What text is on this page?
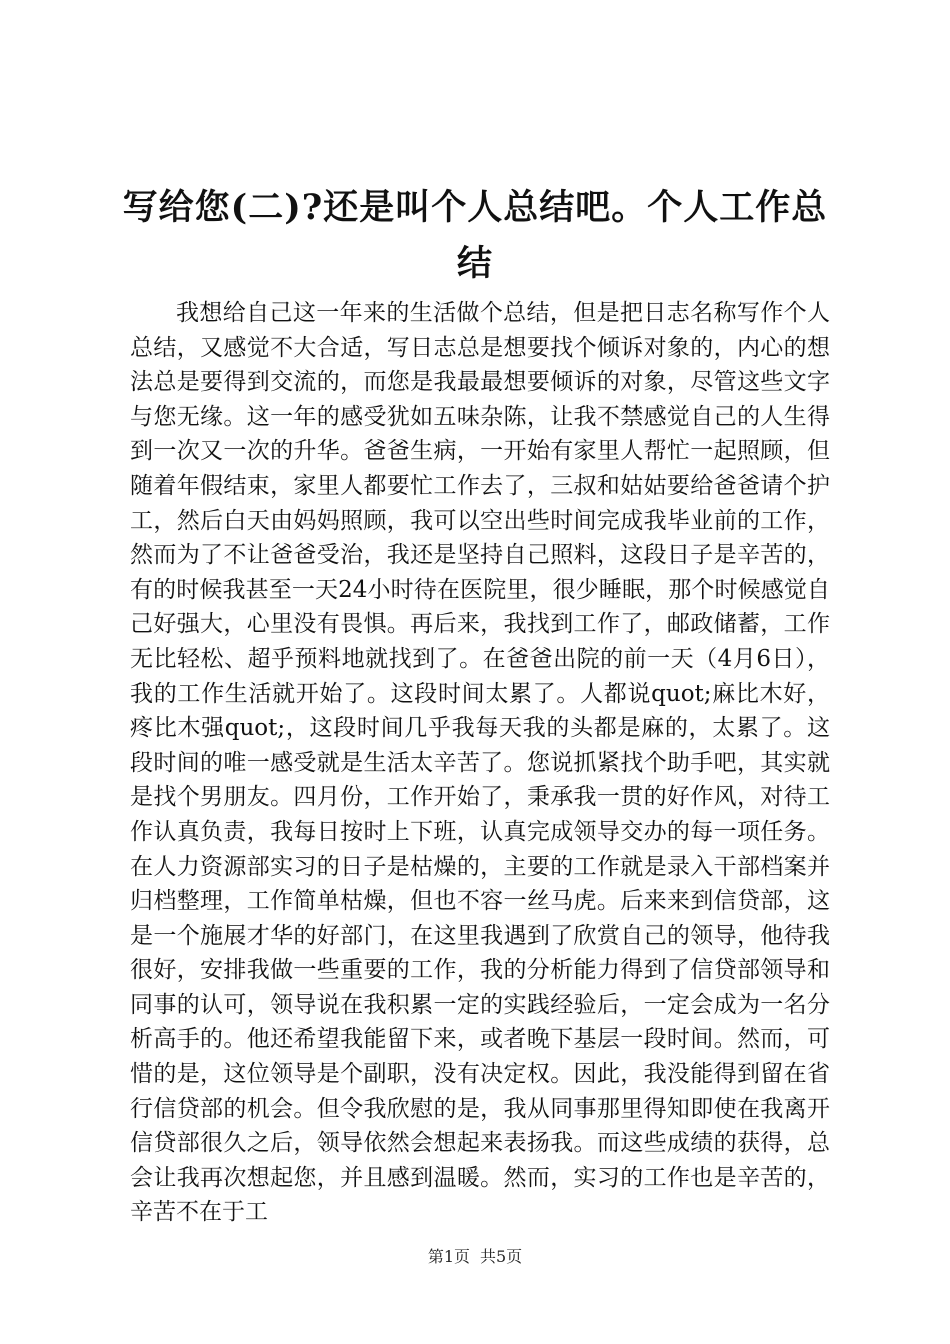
写给您(二)?还是叫个人总结吧。个人工作总结

我想给自己这一年来的生活做个总结，但是把日志名称写作个人总结，又感觉不大合适，写日志总是想要找个倾诉对象的，内心的想法总是要得到交流的，而您是我最最想要倾诉的对象，尽管这些文字与您无缘。这一年的感受犹如五味杂陈，让我不禁感觉自己的人生得到一次又一次的升华。爸爸生病，一开始有家里人帮忙一起照顾，但随着年假结束，家里人都要忙工作去了，三叔和姑姑要给爸爸请个护工，然后白天由妈妈照顾，我可以空出些时间完成我毕业前的工作，然而为了不让爸爸受治，我还是坚持自己照料，这段日子是辛苦的，有的时候我甚至一天24小时待在医院里，很少睡眠，那个时候感觉自己好强大，心里没有畏惧。再后来，我找到工作了，邮政储蓄，工作无比轻松、超乎预料地就找到了。在爸爸出院的前一天（4月6日），我的工作生活就开始了。这段时间太累了。人都说quot;麻比木好，疼比木强quot;，这段时间几乎我每天我的头都是麻的，太累了。这段时间的唯一感受就是生活太辛苦了。您说抓紧找个助手吧，其实就是找个男朋友。四月份，工作开始了，秉承我一贯的好作风，对待工作认真负责，我每日按时上下班，认真完成领导交办的每一项任务。在人力资源部实习的日子是枯燥的，主要的工作就是录入干部档案并归档整理，工作简单枯燥，但也不容一丝马虎。后来来到信贷部，这是一个施展才华的好部门，在这里我遇到了欣赏自己的领导，他待我很好，安排我做一些重要的工作，我的分析能力得到了信贷部领导和同事的认可，领导说在我积累一定的实践经验后，一定会成为一名分析高手的。他还希望我能留下来，或者晚下基层一段时间。然而，可惜的是，这位领导是个副职，没有决定权。因此，我没能得到留在省行信贷部的机会。但令我欣慰的是，我从同事那里得知即使在我离开信贷部很久之后，领导依然会想起来表扬我。而这些成绩的获得，总会让我再次想起您，并且感到温暖。然而，实习的工作也是辛苦的，辛苦不在于工

第1页 共5页
